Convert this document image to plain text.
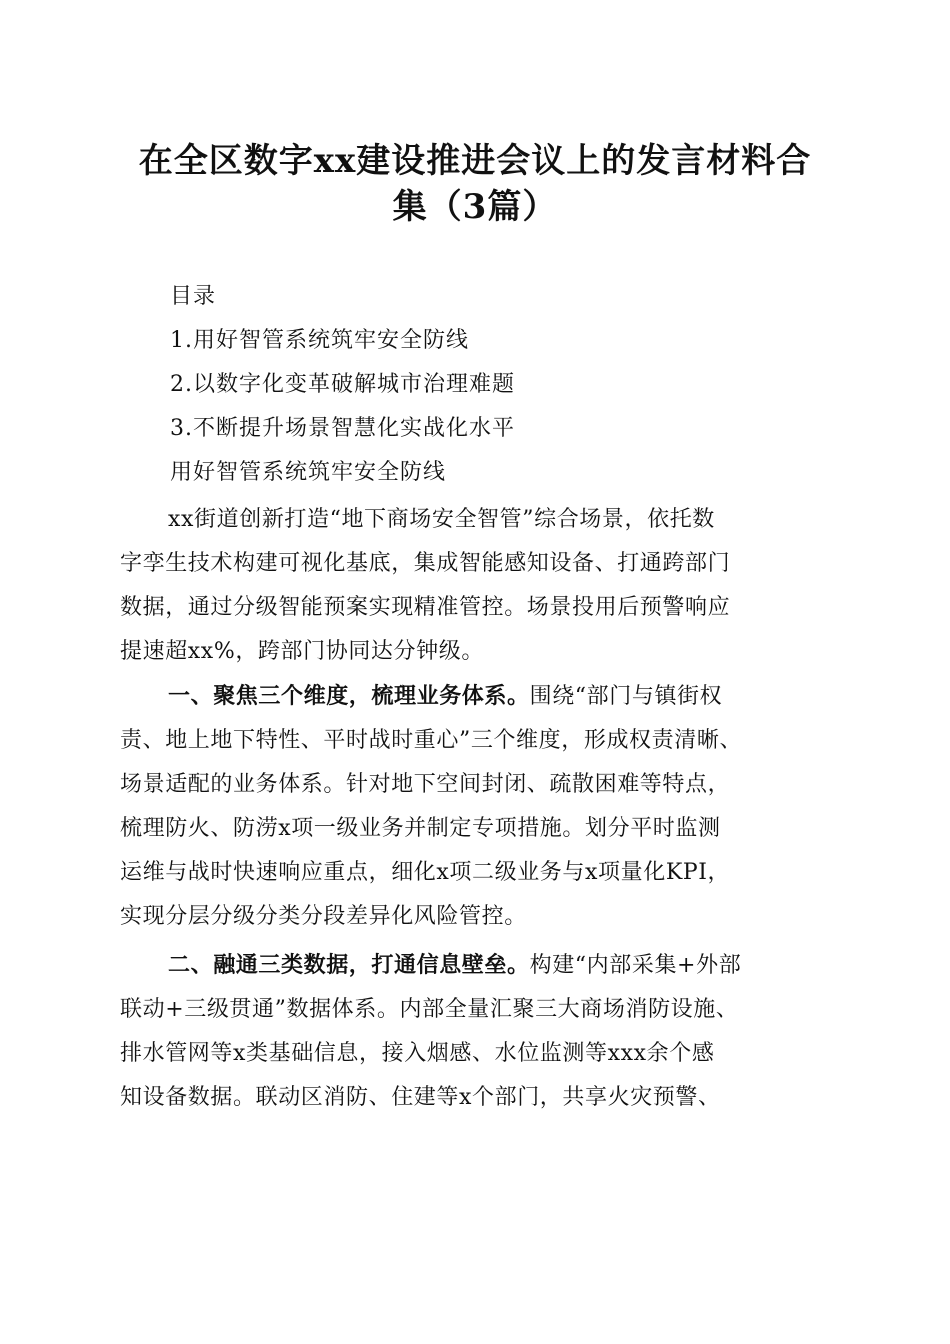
在全区数字xx建设推进会议上的发言材料合
集（3篇）
目录
1.用好智管系统筑牢安全防线
2.以数字化变革破解城市治理难题
3.不断提升场景智慧化实战化水平
用好智管系统筑牢安全防线
xx街道创新打造“地下商场安全智管”综合场景，依托数
字孪生技术构建可视化基底，集成智能感知设备、打通跨部门
数据，通过分级智能预案实现精准管控。场景投用后预警响应
提速超xx%，跨部门协同达分钟级。
一、聚焦三个维度，梳理业务体系。围绕“部门与镇街权
责、地上地下特性、平时战时重心”三个维度，形成权责清晰、
场景适配的业务体系。针对地下空间封闭、疏散困难等特点，
梳理防火、防涝x项一级业务并制定专项措施。划分平时监测
运维与战时快速响应重点，细化x项二级业务与x项量化KPI，
实现分层分级分类分段差异化风险管控。
二、融通三类数据，打通信息壁垒。构建“内部采集+外部
联动+三级贯通”数据体系。内部全量汇聚三大商场消防设施、
排水管网等x类基础信息，接入烟感、水位监测等xxx余个感
知设备数据。联动区消防、住建等x个部门，共享火灾预警、
